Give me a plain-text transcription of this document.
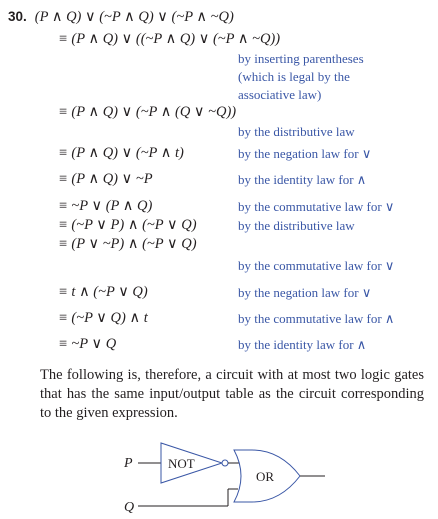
30. (P ∧ Q) ∨ (~P ∧ Q) ∨ (~P ∧ ~Q)
≡ (P ∧ Q) ∨ ((~P ∧ Q) ∨ (~P ∧ ~Q))
by inserting parentheses
(which is legal by the
associative law)
≡ (P ∧ Q) ∨ (~P ∧ (Q ∨ ~Q))
by the distributive law
≡ (P ∧ Q) ∨ (~P ∧ t)	by the negation law for ∨
≡ (P ∧ Q) ∨ ~P	by the identity law for ∧
≡ ~P ∨ (P ∧ Q)	by the commutative law for ∨
≡ (~P ∨ P) ∧ (~P ∨ Q)	by the distributive law
≡ (P ∨ ~P) ∧ (~P ∨ Q)
by the commutative law for ∨
≡ t ∧ (~P ∨ Q)	by the negation law for ∨
≡ (~P ∨ Q) ∧ t	by the commutative law for ∧
≡ ~P ∨ Q	by the identity law for ∧
The following is, therefore, a circuit with at most two logic gates that has the same input/output table as the circuit corresponding to the given expression.
P	NOT
OR
Q
